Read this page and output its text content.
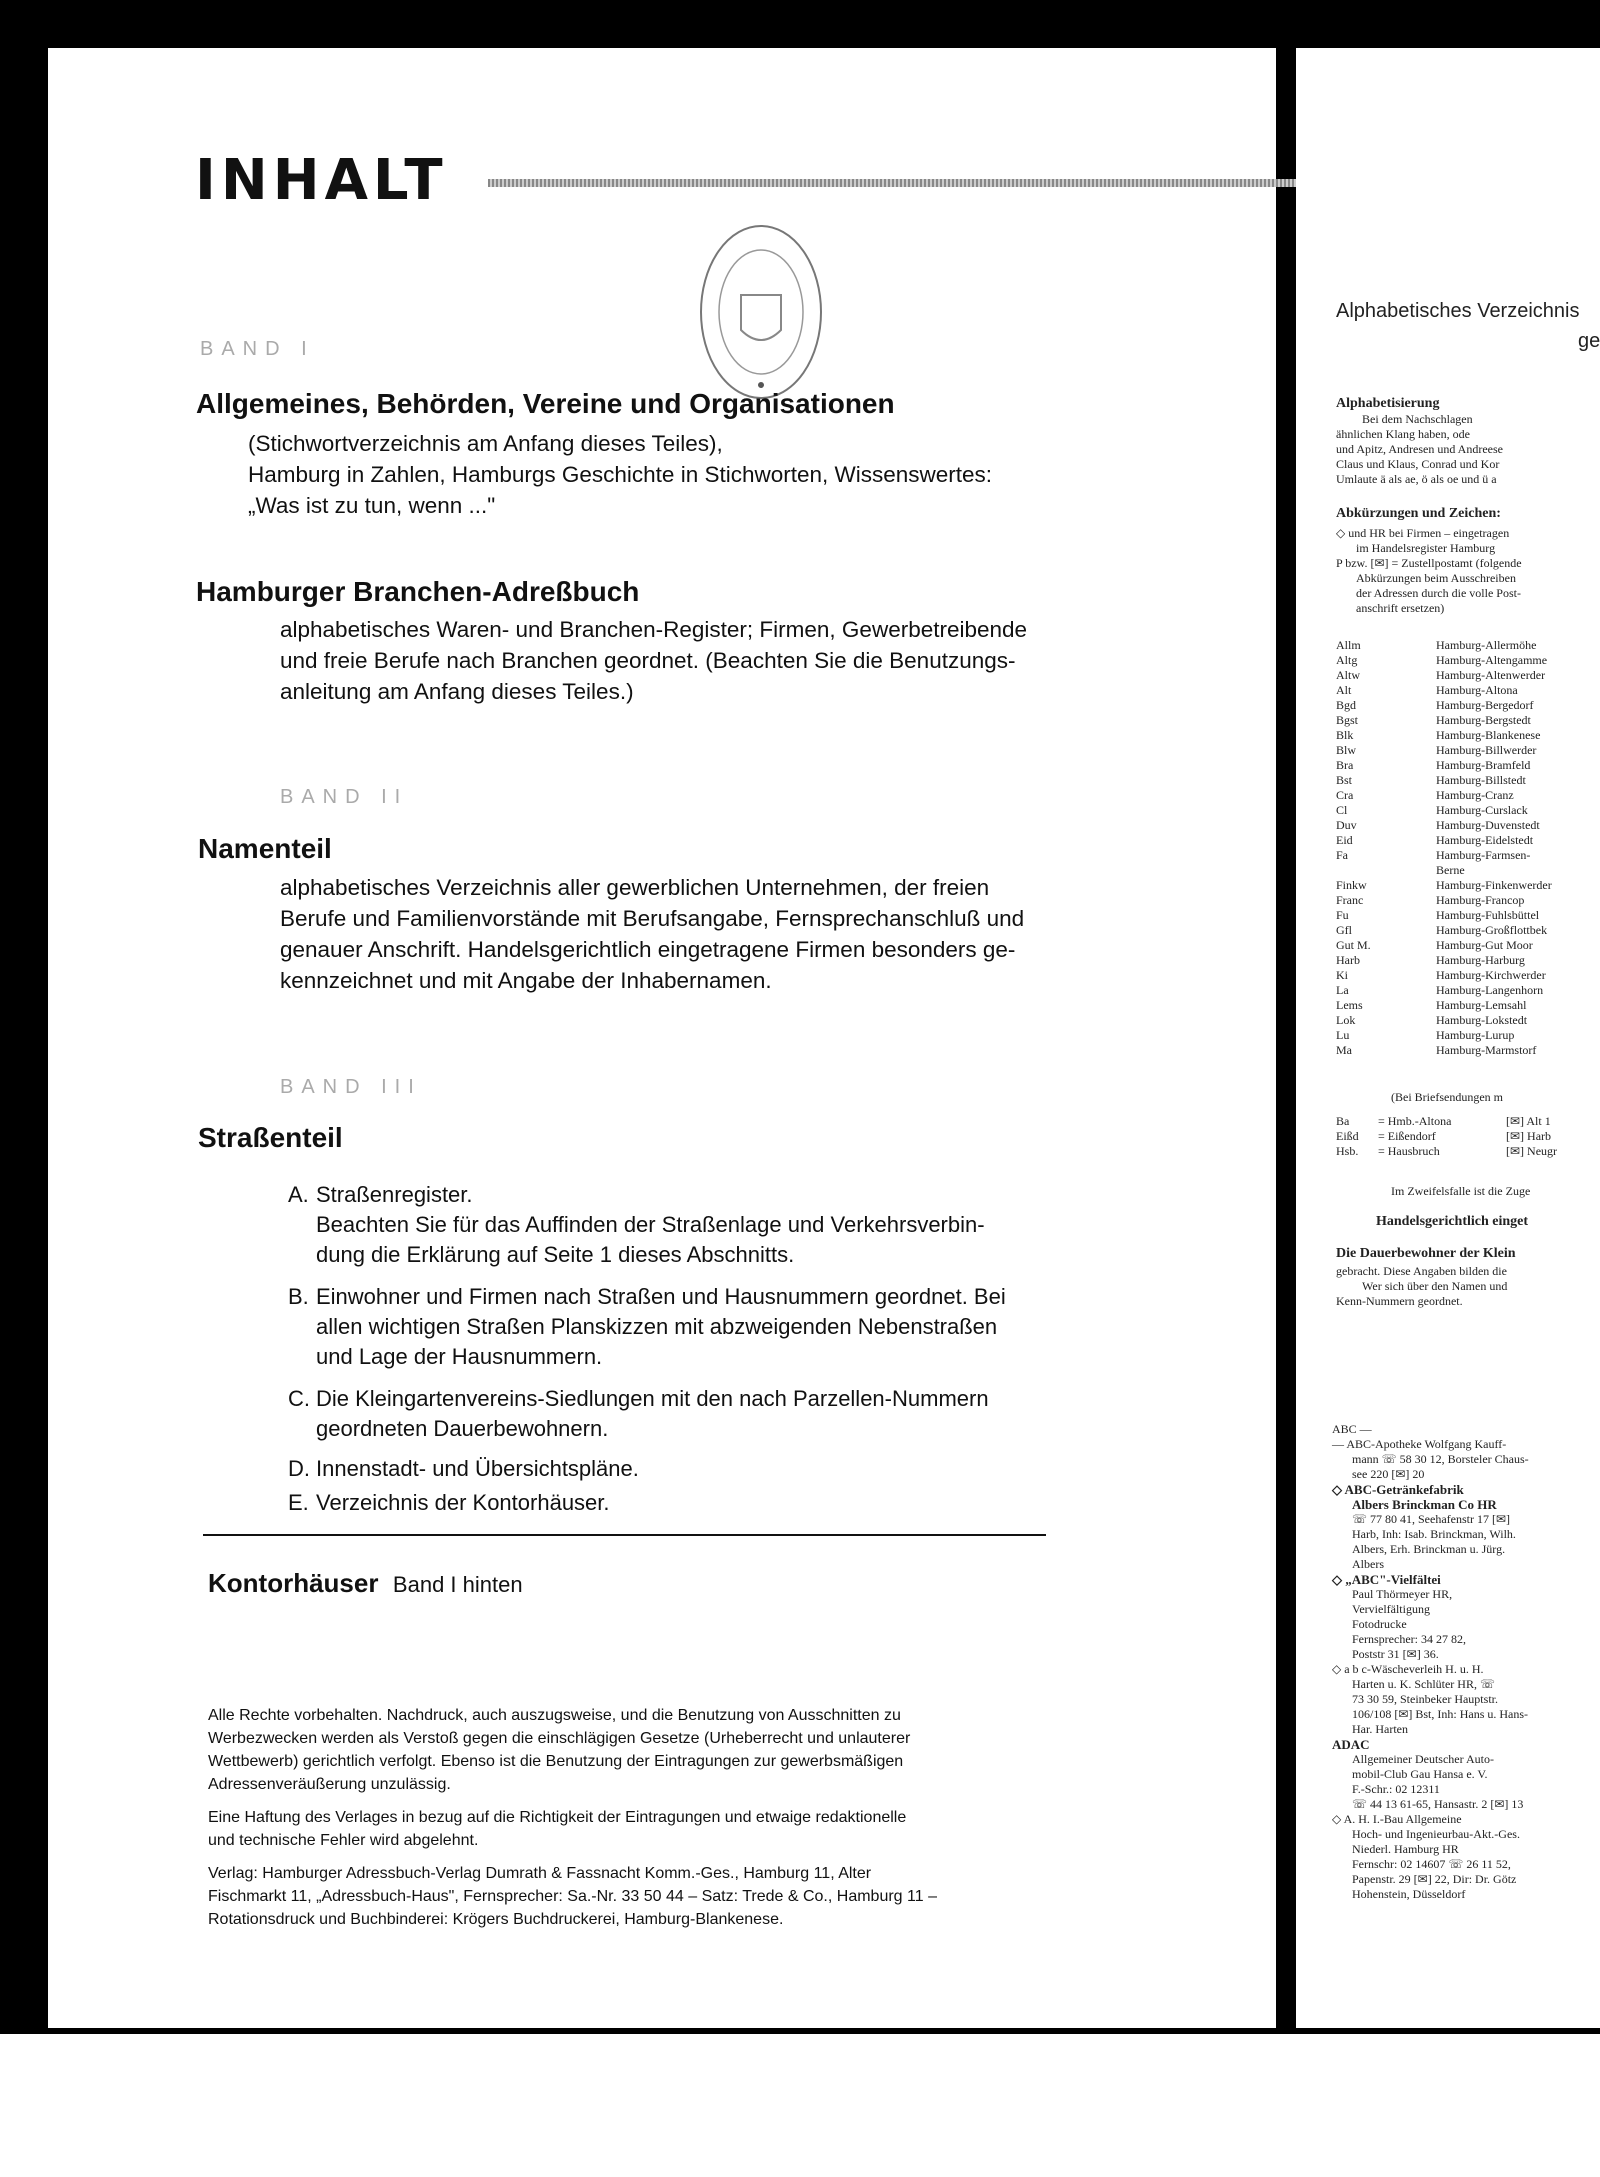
INHALT

BAND I

Allgemeines, Behörden, Vereine und Organisationen

(Stichwortverzeichnis am Anfang dieses Teiles),

Hamburg in Zahlen, Hamburgs Geschichte in Stichworten, Wissenswertes:

„Was ist zu tun, wenn ..."

Hamburger Branchen-Adreßbuch

alphabetisches Waren- und Branchen-Register; Firmen, Gewerbetreibende

und freie Berufe nach Branchen geordnet. (Beachten Sie die Benutzungs-

anleitung am Anfang dieses Teiles.)

BAND II

Namenteil

alphabetisches Verzeichnis aller gewerblichen Unternehmen, der freien

Berufe und Familienvorstände mit Berufsangabe, Fernsprechanschluß und

genauer Anschrift. Handelsgerichtlich eingetragene Firmen besonders ge-

kennzeichnet und mit Angabe der Inhabernamen.

BAND III

Straßenteil
A. Straßenregister.
Beachten Sie für das Auffinden der Straßenlage und Verkehrsverbin-
dung die Erklärung auf Seite 1 dieses Abschnitts.
B. Einwohner und Firmen nach Straßen und Hausnummern geordnet. Bei
allen wichtigen Straßen Planskizzen mit abzweigenden Nebenstraßen
und Lage der Hausnummern.
C. Die Kleingartenvereins-Siedlungen mit den nach Parzellen-Nummern
geordneten Dauerbewohnern.
D. Innenstadt- und Übersichtspläne.
E. Verzeichnis der Kontorhäuser.
Kontorhäuser Band I hinten

Alle Rechte vorbehalten. Nachdruck, auch auszugsweise, und die Benutzung von Ausschnitten zu

Werbezwecken werden als Verstoß gegen die einschlägigen Gesetze (Urheberrecht und unlauterer

Wettbewerb) gerichtlich verfolgt. Ebenso ist die Benutzung der Eintragungen zur gewerbsmäßigen

Adressenveräußerung unzulässig.

Eine Haftung des Verlages in bezug auf die Richtigkeit der Eintragungen und etwaige redaktionelle

und technische Fehler wird abgelehnt.

Verlag: Hamburger Adressbuch-Verlag Dumrath & Fassnacht Komm.-Ges., Hamburg 11, Alter

Fischmarkt 11, „Adressbuch-Haus", Fernsprecher: Sa.-Nr. 33 50 44 – Satz: Trede & Co., Hamburg 11 –

Rotationsdruck und Buchbinderei: Krögers Buchdruckerei, Hamburg-Blankenese.

Alphabetisches Verzeichnis
ge
Alphabetisierung
Bei dem Nachschlagen
ähnlichen Klang haben, ode
und Apitz, Andresen und Andreese
Claus und Klaus, Conrad und Kor
Umlaute ä als ae, ö als oe und ü a
Abkürzungen und Zeichen:
◇ und HR bei Firmen – eingetragen
im Handelsregister Hamburg
P bzw. [✉] = Zustellpostamt (folgende
Abkürzungen beim Ausschreiben
der Adressen durch die volle Post-
anschrift ersetzen)
Allm	Hamburg-Allermöhe
Altg	Hamburg-Altengamme
Altw	Hamburg-Altenwerder
Alt	Hamburg-Altona
Bgd	Hamburg-Bergedorf
Bgst	Hamburg-Bergstedt
Blk	Hamburg-Blankenese
Blw	Hamburg-Billwerder
Bra	Hamburg-Bramfeld
Bst	Hamburg-Billstedt
Cra	Hamburg-Cranz
Cl	Hamburg-Curslack
Duv	Hamburg-Duvenstedt
Eid	Hamburg-Eidelstedt
Fa	Hamburg-Farmsen-
Berne
Finkw	Hamburg-Finkenwerder
Franc	Hamburg-Francop
Fu	Hamburg-Fuhlsbüttel
Gfl	Hamburg-Großflottbek
Gut M.	Hamburg-Gut Moor
Harb	Hamburg-Harburg
Ki	Hamburg-Kirchwerder
La	Hamburg-Langenhorn
Lems	Hamburg-Lemsahl
Lok	Hamburg-Lokstedt
Lu	Hamburg-Lurup
Ma	Hamburg-Marmstorf
(Bei Briefsendungen m
Ba = Hmb.-Altona	[✉] Alt 1
Eißd = Eißendorf	[✉] Harb
Hsb. = Hausbruch	[✉] Neugr
Im Zweifelsfalle ist die Zuge
Handelsgerichtlich einget
Die Dauerbewohner der Klein
gebracht. Diese Angaben bilden die
Wer sich über den Namen und
Kenn-Nummern geordnet.
ABC —
— ABC-Apotheke Wolfgang Kauff-
mann ☏ 58 30 12, Borsteler Chaus-
see 220 [✉] 20
◇ ABC-Getränkefabrik
Albers Brinckman Co HR
☏ 77 80 41, Seehafenstr 17 [✉]
Harb, Inh: Isab. Brinckman, Wilh.
Albers, Erh. Brinckman u. Jürg.
Albers
◇ „ABC"-Vielfältei
Paul Thörmeyer HR,
Vervielfältigung
Fotodrucke
Fernsprecher: 34 27 82,
Poststr 31 [✉] 36.
◇ a b c-Wäscheverleih H. u. H.
Harten u. K. Schlüter HR, ☏
73 30 59, Steinbeker Hauptstr.
106/108 [✉] Bst, Inh: Hans u. Hans-
Har. Harten
ADAC
Allgemeiner Deutscher Auto-
mobil-Club Gau Hansa e. V.
F.-Schr.: 02 12311
☏ 44 13 61-65, Hansastr. 2 [✉] 13
◇ A. H. I.-Bau Allgemeine
Hoch- und Ingenieurbau-Akt.-Ges.
Niederl. Hamburg HR
Fernschr: 02 14607 ☏ 26 11 52,
Papenstr. 29 [✉] 22, Dir: Dr. Götz
Hohenstein, Düsseldorf
